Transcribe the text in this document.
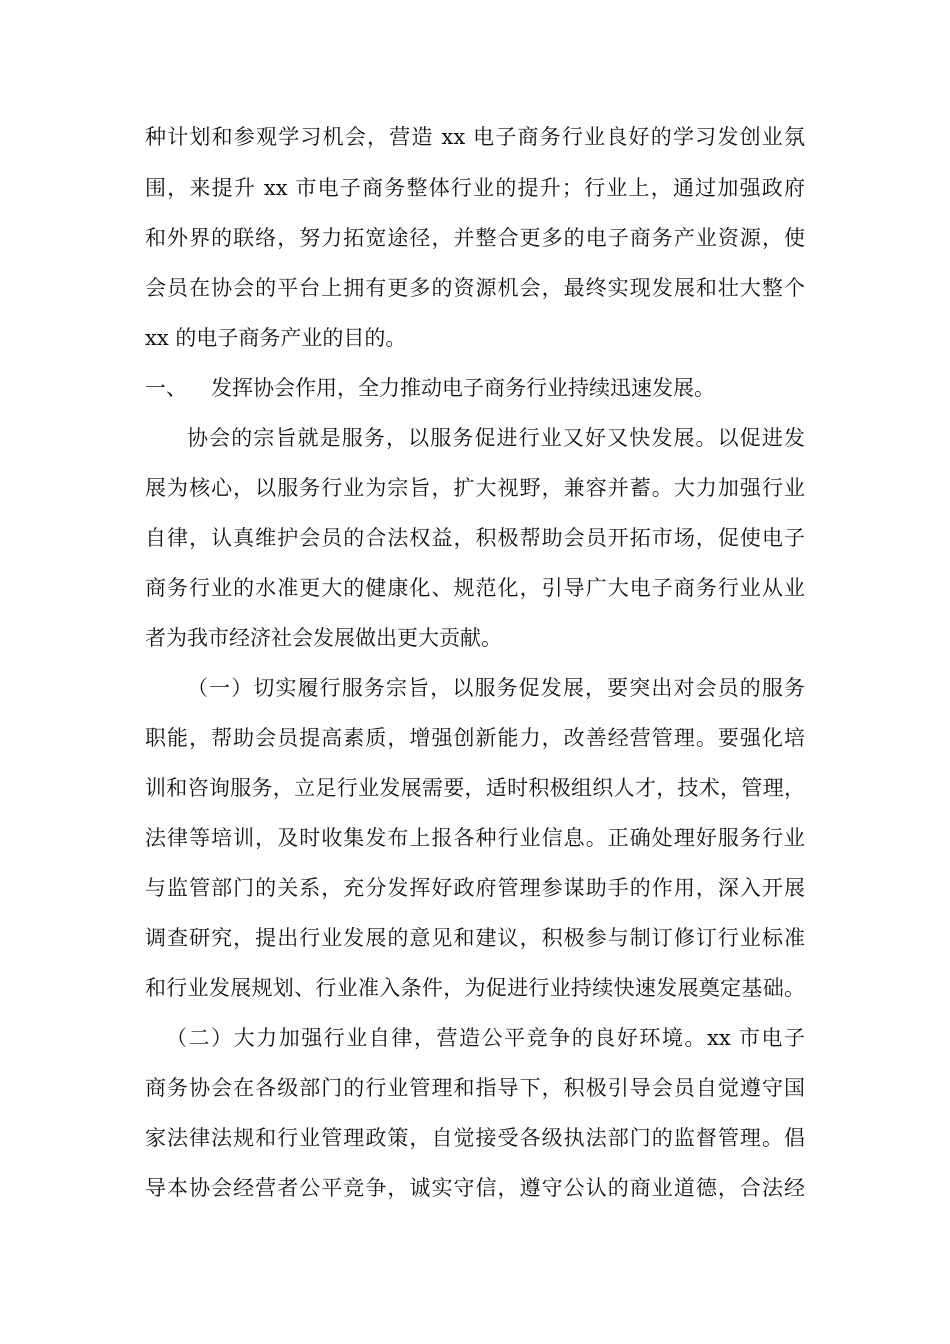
种计划和参观学习机会，营造 xx 电子商务行业良好的学习发创业氛

围，来提升 xx 市电子商务整体行业的提升；行业上，通过加强政府

和外界的联络，努力拓宽途径，并整合更多的电子商务产业资源，使

会员在协会的平台上拥有更多的资源机会，最终实现发展和壮大整个

xx 的电子商务产业的目的。

一、 发挥协会作用，全力推动电子商务行业持续迅速发展。

协会的宗旨就是服务，以服务促进行业又好又快发展。以促进发

展为核心，以服务行业为宗旨，扩大视野，兼容并蓄。大力加强行业

自律，认真维护会员的合法权益，积极帮助会员开拓市场，促使电子

商务行业的水准更大的健康化、规范化，引导广大电子商务行业从业

者为我市经济社会发展做出更大贡献。

（一）切实履行服务宗旨，以服务促发展，要突出对会员的服务

职能，帮助会员提高素质，增强创新能力，改善经营管理。要强化培

训和咨询服务，立足行业发展需要，适时积极组织人才，技术，管理，

法律等培训，及时收集发布上报各种行业信息。正确处理好服务行业

与监管部门的关系，充分发挥好政府管理参谋助手的作用，深入开展

调查研究，提出行业发展的意见和建议，积极参与制订修订行业标准

和行业发展规划、行业准入条件，为促进行业持续快速发展奠定基础。

（二）大力加强行业自律，营造公平竞争的良好环境。xx 市电子

商务协会在各级部门的行业管理和指导下，积极引导会员自觉遵守国

家法律法规和行业管理政策，自觉接受各级执法部门的监督管理。倡

导本协会经营者公平竞争，诚实守信，遵守公认的商业道德，合法经
